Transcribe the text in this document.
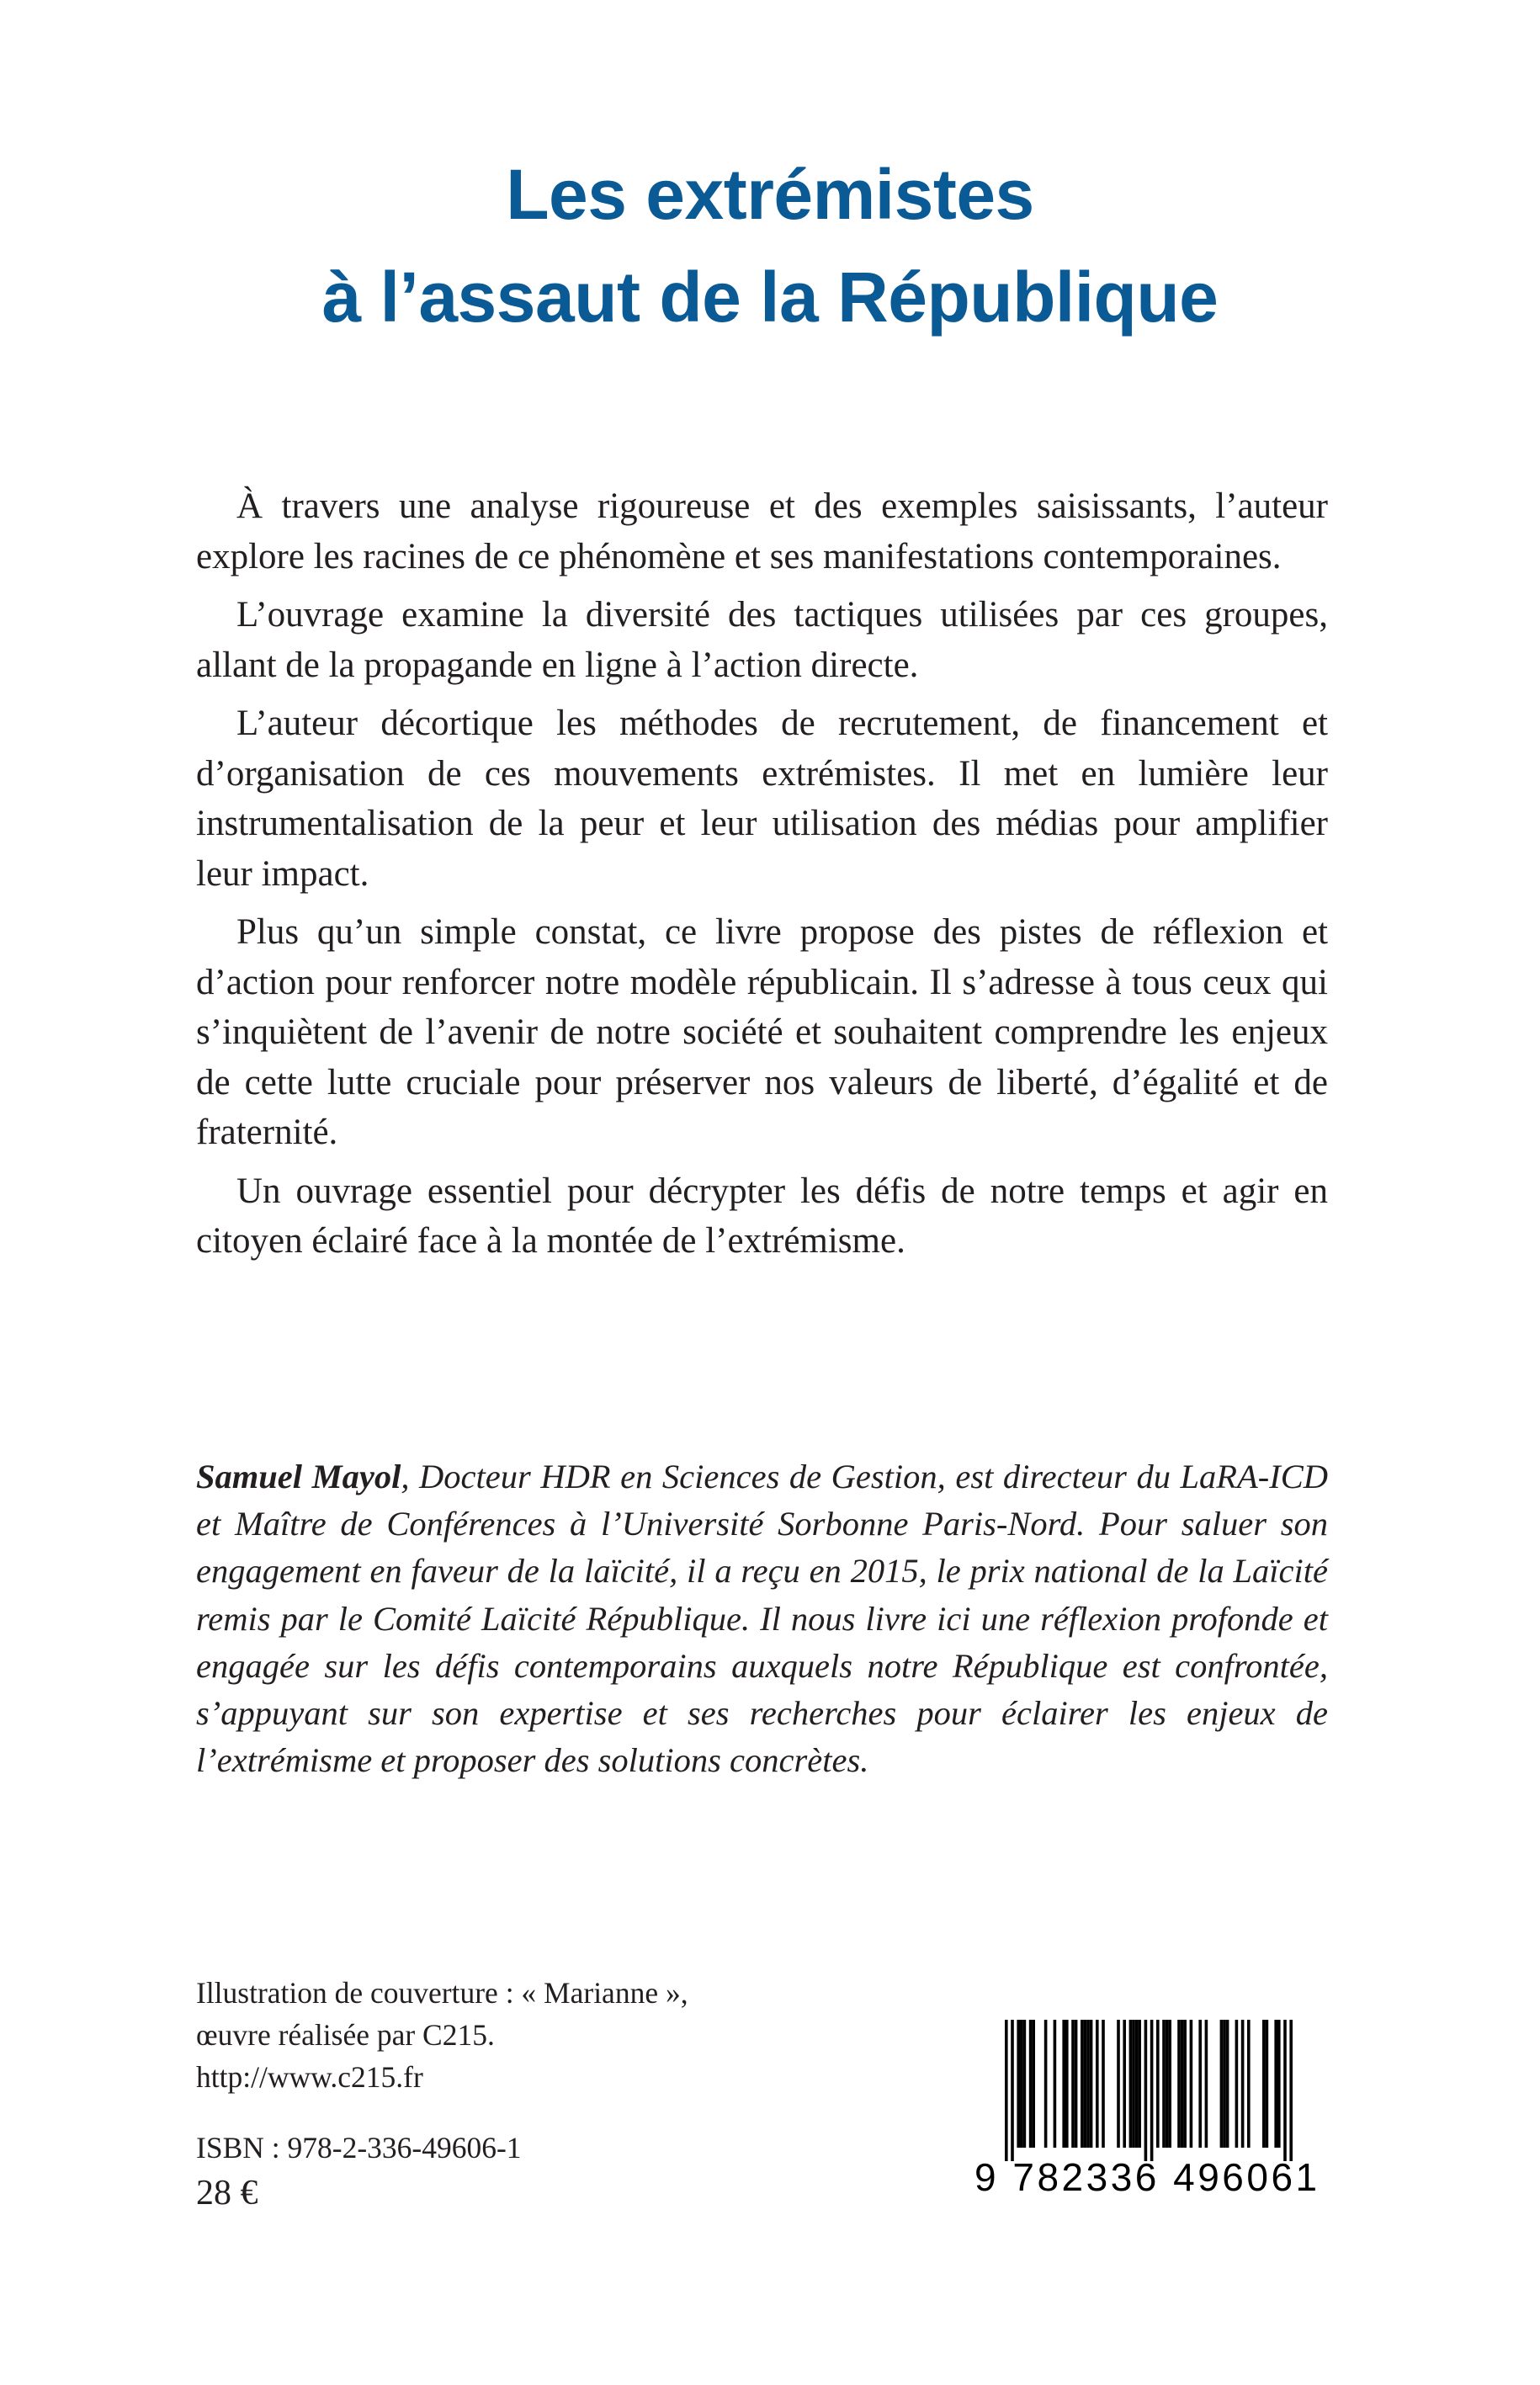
Les extrémistes
à l’assaut de la République

À travers une analyse rigoureuse et des exemples saisissants, l’auteur explore les racines de ce phénomène et ses manifestations contemporaines.

L’ouvrage examine la diversité des tactiques utilisées par ces groupes, allant de la propagande en ligne à l’action directe.

L’auteur décortique les méthodes de recrutement, de financement et d’organisation de ces mouvements extrémistes. Il met en lumière leur instrumentalisation de la peur et leur utilisation des médias pour amplifier leur impact.

Plus qu’un simple constat, ce livre propose des pistes de réflexion et d’action pour renforcer notre modèle républicain. Il s’adresse à tous ceux qui s’inquiètent de l’avenir de notre société et souhaitent comprendre les enjeux de cette lutte cruciale pour préserver nos valeurs de liberté, d’égalité et de fraternité.

Un ouvrage essentiel pour décrypter les défis de notre temps et agir en citoyen éclairé face à la montée de l’extrémisme.

Samuel Mayol, Docteur HDR en Sciences de Gestion, est directeur du LaRA-ICD et Maître de Conférences à l’Université Sorbonne Paris-Nord. Pour saluer son engagement en faveur de la laïcité, il a reçu en 2015, le prix national de la Laïcité remis par le Comité Laïcité République. Il nous livre ici une réflexion profonde et engagée sur les défis contemporains auxquels notre République est confrontée, s’appuyant sur son expertise et ses recherches pour éclairer les enjeux de l’extrémisme et proposer des solutions concrètes.
Illustration de couverture : « Marianne »,
œuvre réalisée par C215.
http://www.c215.fr
ISBN : 978-2-336-49606-1
28 €	9 782336 496061
